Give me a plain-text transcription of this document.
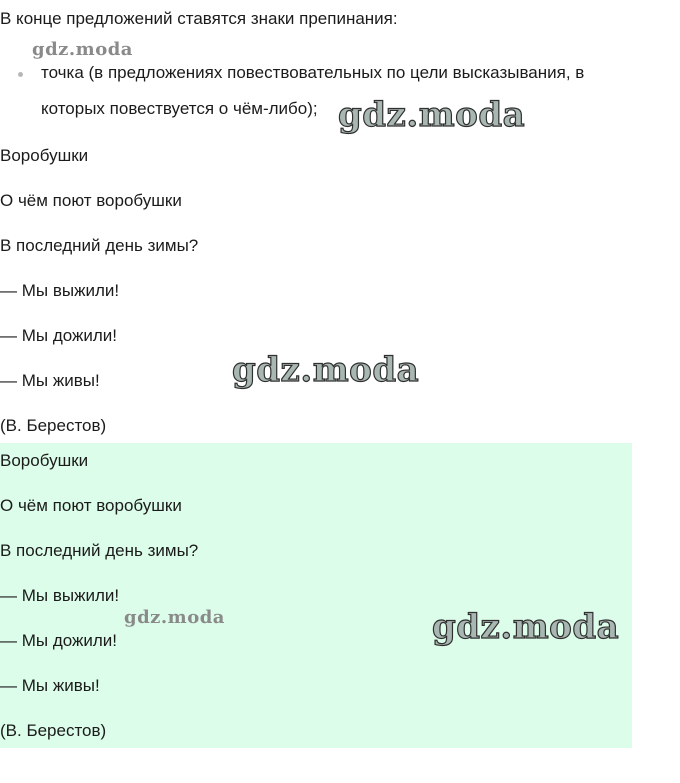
В конце предложений ставятся знаки препинания:
точка (в предложениях повествовательных по цели высказывания, в
которых повествуется о чём-либо);
Воробушки
О чём поют воробушки
В последний день зимы?
— Мы выжили!
— Мы дожили!
— Мы живы!
(В. Берестов)
Воробушки
О чём поют воробушки
В последний день зимы?
— Мы выжили!
— Мы дожили!
— Мы живы!
(В. Берестов)
gdz.moda
gdz.moda
gdz.moda
gdz.moda	gdz.moda
